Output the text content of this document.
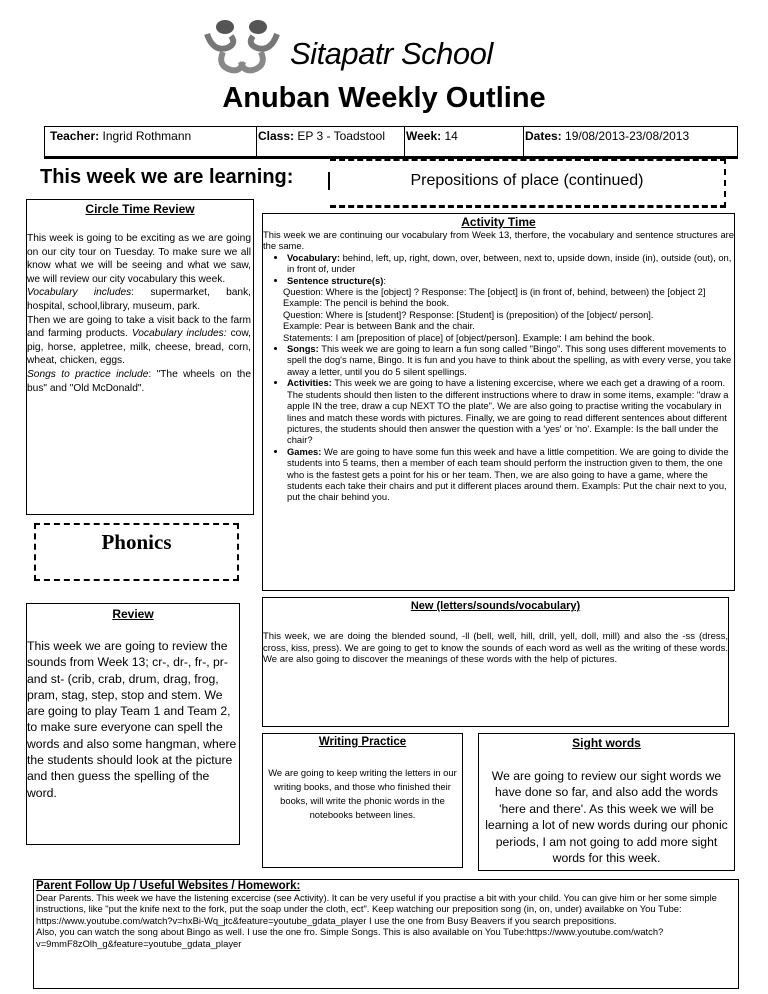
Sitapatr School
Anuban Weekly Outline
Teacher: Ingrid Rothmann	Class: EP 3 - Toadstool Week: 14	Dates: 19/08/2013-23/08/2013
This week we are learning:	Prepositions of place (continued)
Circle Time Review

This week is going to be exciting as we are going on our city tour on Tuesday. To make sure we all know what we will be seeing and what we saw, we will review our city vocabulary this week.

Vocabulary includes: supermarket, bank, hospital, school,library, museum, park.

Then we are going to take a visit back to the farm and farming products. Vocabulary includes: cow, pig, horse, appletree, milk, cheese, bread, corn, wheat, chicken, eggs.

Songs to practice include: "The wheels on the bus" and "Old McDonald".

Phonics
Activity Time

This week we are continuing our vocabulary from Week 13, therfore, the vocabulary and sentence structures are the same.

• Vocabulary: behind, left, up, right, down, over, between, next to, upside down, inside (in), outside (out), on, in front of, under
• Sentence structure(s):
Question: Where is the [object] ? Response: The [object] is (in front of, behind, between) the [object 2]
Example: The pencil is behind the book.
Question: Where is [student]? Response: [Student] is (preposition) of the [object/ person].
Example: Pear is between Bank and the chair.
Statements: I am [preposition of place] of [object/person]. Example: I am behind the book.
• Songs: This week we are going to learn a fun song called "Bingo". This song uses different movements to spell the dog's name, Bingo. It is fun and you have to think about the spelling, as with every verse, you take away a letter, until you do 5 silent spellings.
• Activities: This week we are going to have a listening excercise, where we each get a drawing of a room. The students should then listen to the different instructions where to draw in some items, example: "draw a apple IN the tree, draw a cup NEXT TO the plate". We are also going to practise writing the vocabulary in lines and match these words with pictures. Finally, we are going to read different sentences about different pictures, the students should then answer the question with a 'yes' or 'no'. Example: Is the ball under the chair?
• Games: We are going to have some fun this week and have a little competition. We are going to divide the students into 5 teams, then a member of each team should perform the instruction given to them, the one who is the fastest gets a point for his or her team. Then, we are also going to have a game, where the students each take their chairs and put it different places around them. Exampls: Put the chair next to you, put the chair behind you.
Review

This week we are going to review the sounds from Week 13; cr-, dr-, fr-, pr- and st- (crib, crab, drum, drag, frog, pram, stag, step, stop and stem. We are going to play Team 1 and Team 2, to make sure everyone can spell the words and also some hangman, where the students should look at the picture and then guess the spelling of the word.

New (letters/sounds/vocabulary)

This week, we are doing the blended sound, -ll (bell, well, hill, drill, yell, doll, mill) and also the -ss (dress, cross, kiss, press). We are going to get to know the sounds of each word as well as the writing of these words. We are also going to discover the meanings of these words with the help of pictures.

Writing Practice

We are going to keep writing the letters in our writing books, and those who finished their books, will write the phonic words in the notebooks between lines.

Sight words

We are going to review our sight words we have done so far, and also add the words 'here and there'. As this week we will be learning a lot of new words during our phonic periods, I am not going to add more sight words for this week.

Parent Follow Up / Useful Websites / Homework:

Dear Parents. This week we have the listening excercise (see Activity). It can be very useful if you practise a bit with your child. You can give him or her some simple instructions, like "put the knife next to the fork, put the soap under the cloth, ect". Keep watching our preposition song (in, on, under) availabke on You Tube: https://www.youtube.com/watch?v=hxBi-Wq_jtc&feature=youtube_gdata_player I use the one from Busy Beavers if you search prepositions.

Also, you can watch the song about Bingo as well. I use the one fro. Simple Songs. This is also available on You Tube:https://www.youtube.com/watch?v=9mmF8zOlh_g&feature=youtube_gdata_player
